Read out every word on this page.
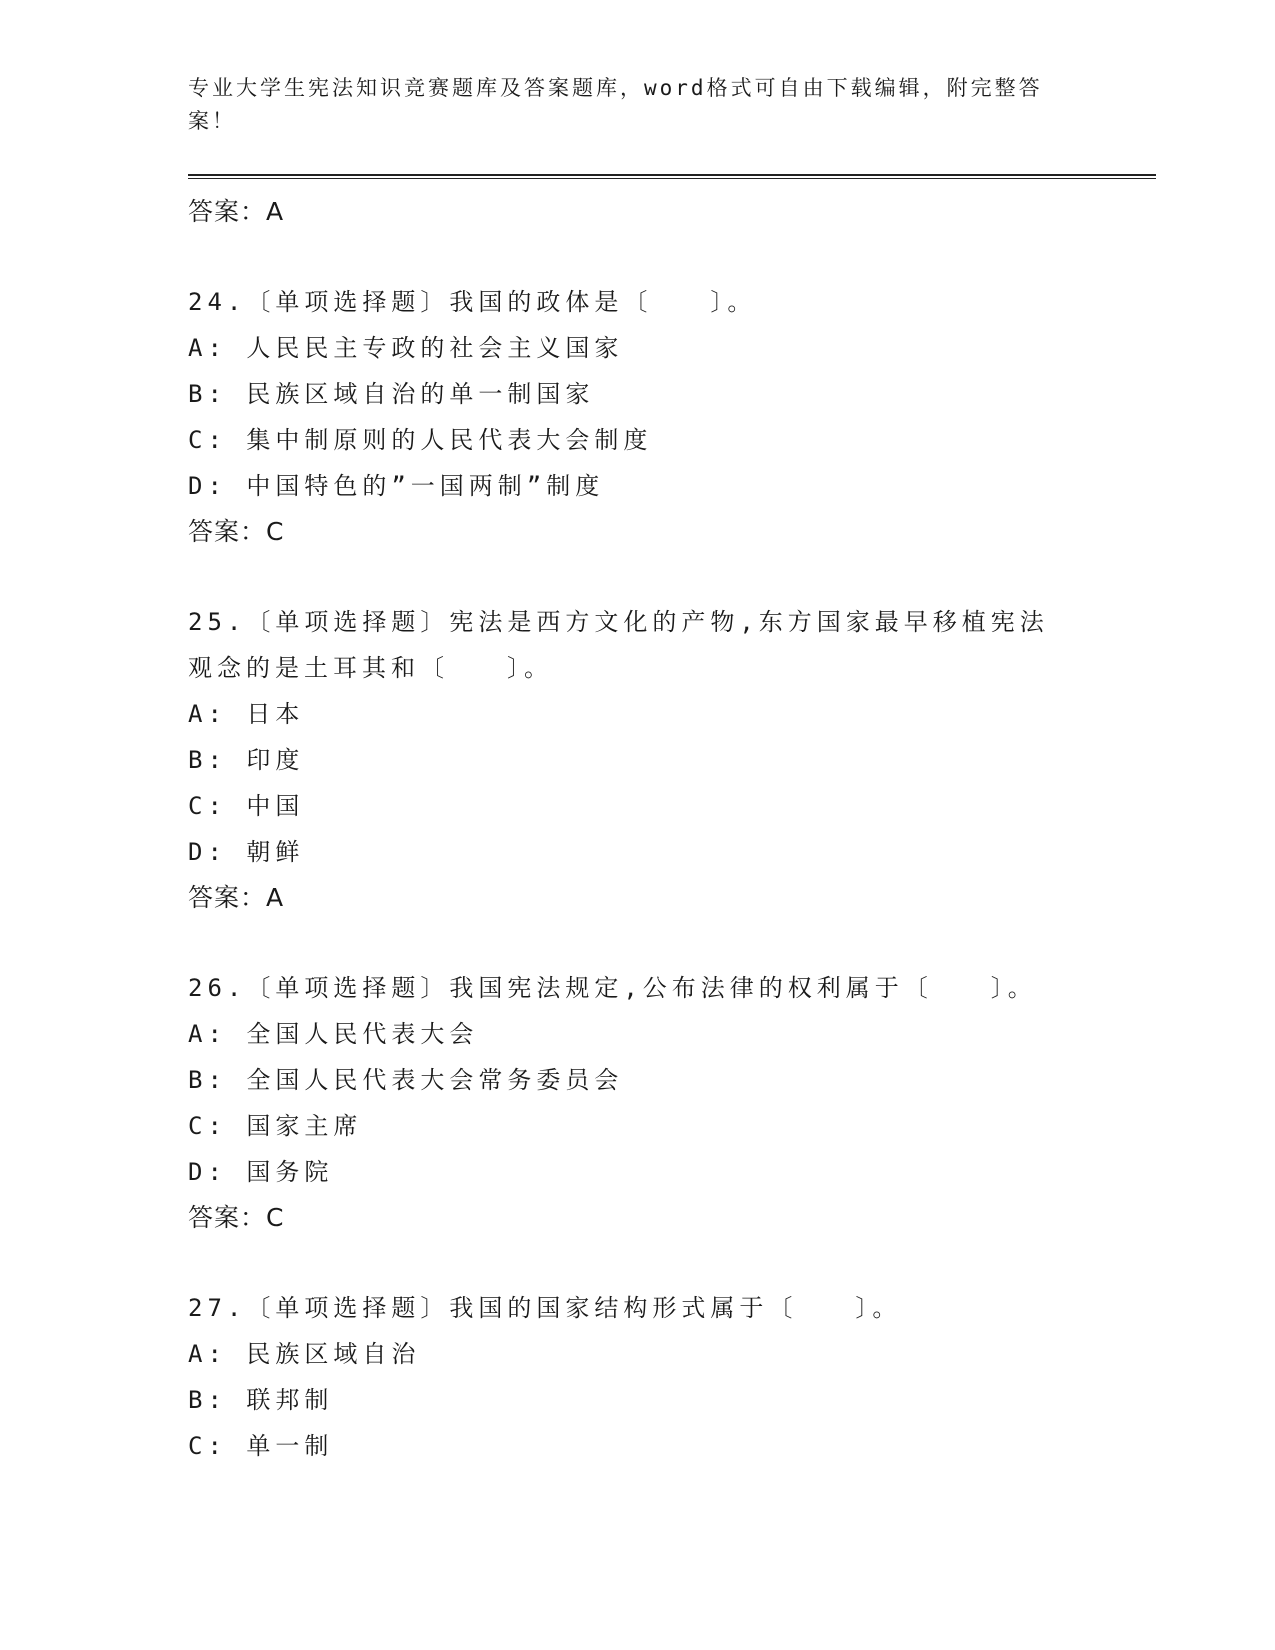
专业大学生宪法知识竞赛题库及答案题库，word格式可自由下载编辑，附完整答案！

答案：A

24.〔单项选择题〕我国的政体是〔　　〕。

A: 人民民主专政的社会主义国家

B: 民族区域自治的单一制国家

C: 集中制原则的人民代表大会制度

D: 中国特色的”一国两制”制度

答案：C

25.〔单项选择题〕宪法是西方文化的产物,东方国家最早移植宪法观念的是土耳其和〔　　〕。

A: 日本

B: 印度

C: 中国

D: 朝鲜

答案：A

26.〔单项选择题〕我国宪法规定,公布法律的权利属于〔　　〕。

A: 全国人民代表大会

B: 全国人民代表大会常务委员会

C: 国家主席

D: 国务院

答案：C

27.〔单项选择题〕我国的国家结构形式属于〔　　〕。

A: 民族区域自治

B: 联邦制

C: 单一制
